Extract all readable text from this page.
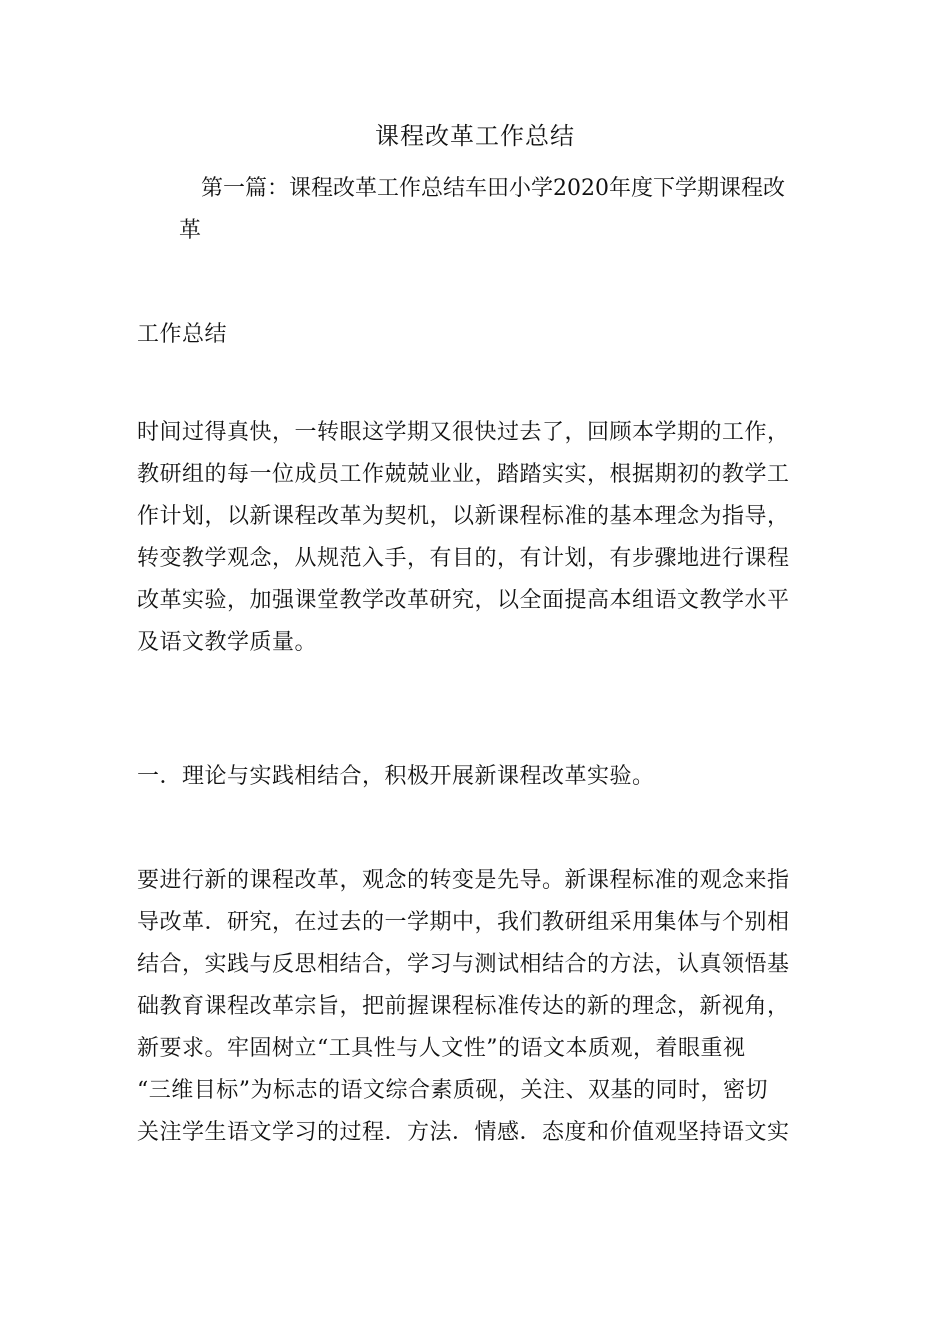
课程改革工作总结
第一篇：课程改革工作总结车田小学2020年度下学期课程改
革
工作总结
时间过得真快，一转眼这学期又很快过去了，回顾本学期的工作，
教研组的每一位成员工作兢兢业业，踏踏实实，根据期初的教学工
作计划，以新课程改革为契机，以新课程标准的基本理念为指导，
转变教学观念，从规范入手，有目的，有计划，有步骤地进行课程
改革实验，加强课堂教学改革研究，以全面提高本组语文教学水平
及语文教学质量。
一．理论与实践相结合，积极开展新课程改革实验。
要进行新的课程改革，观念的转变是先导。新课程标准的观念来指
导改革．研究，在过去的一学期中，我们教研组采用集体与个别相
结合，实践与反思相结合，学习与测试相结合的方法，认真领悟基
础教育课程改革宗旨，把前握课程标准传达的新的理念，新视角，
新要求。牢固树立“工具性与人文性”的语文本质观，着眼重视
“三维目标”为标志的语文综合素质砚，关注、双基的同时，密切
关注学生语文学习的过程．方法．情感．态度和价值观坚持语文实
